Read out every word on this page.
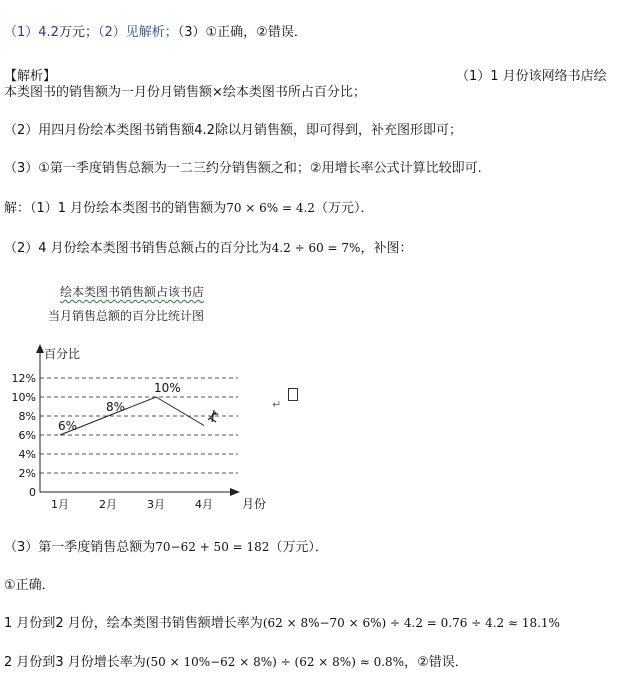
（1）4.2万元；（2）见解析；（3）①正确，②错误．
【解析】	（1）1 月份该网络书店绘
本类图书的销售额为一月份月销售额×绘本类图书所占百分比；
（2）用四月份绘本类图书销售额4.2除以月销售额，即可得到，补充图形即可；
（3）①第一季度销售总额为一二三约分销售额之和；②用增长率公式计算比较即可.
解：（1）1 月份绘本类图书的销售额为70 × 6% = 4.2（万元）．
（2）4 月份绘本类图书销售总额占的百分比为4.2 ÷ 60 = 7%，补图：
绘本类图书销售额占该书店
当月销售总额的百分比统计图
百分比
月份
0
2%
4%
6%
8%
10%
12%
1月	2月	3月	4月
6%
8%
10%
↵
（3）第一季度销售总额为70−62 + 50 = 182（万元）．
①正确．
1 月份到2 月份，绘本类图书销售额增长率为(62 × 8%−70 × 6%) ÷ 4.2 = 0.76 ÷ 4.2 ≈ 18.1%
2 月份到3 月份增长率为(50 × 10%−62 × 8%) ÷ (62 × 8%) ≈ 0.8%，②错误．
